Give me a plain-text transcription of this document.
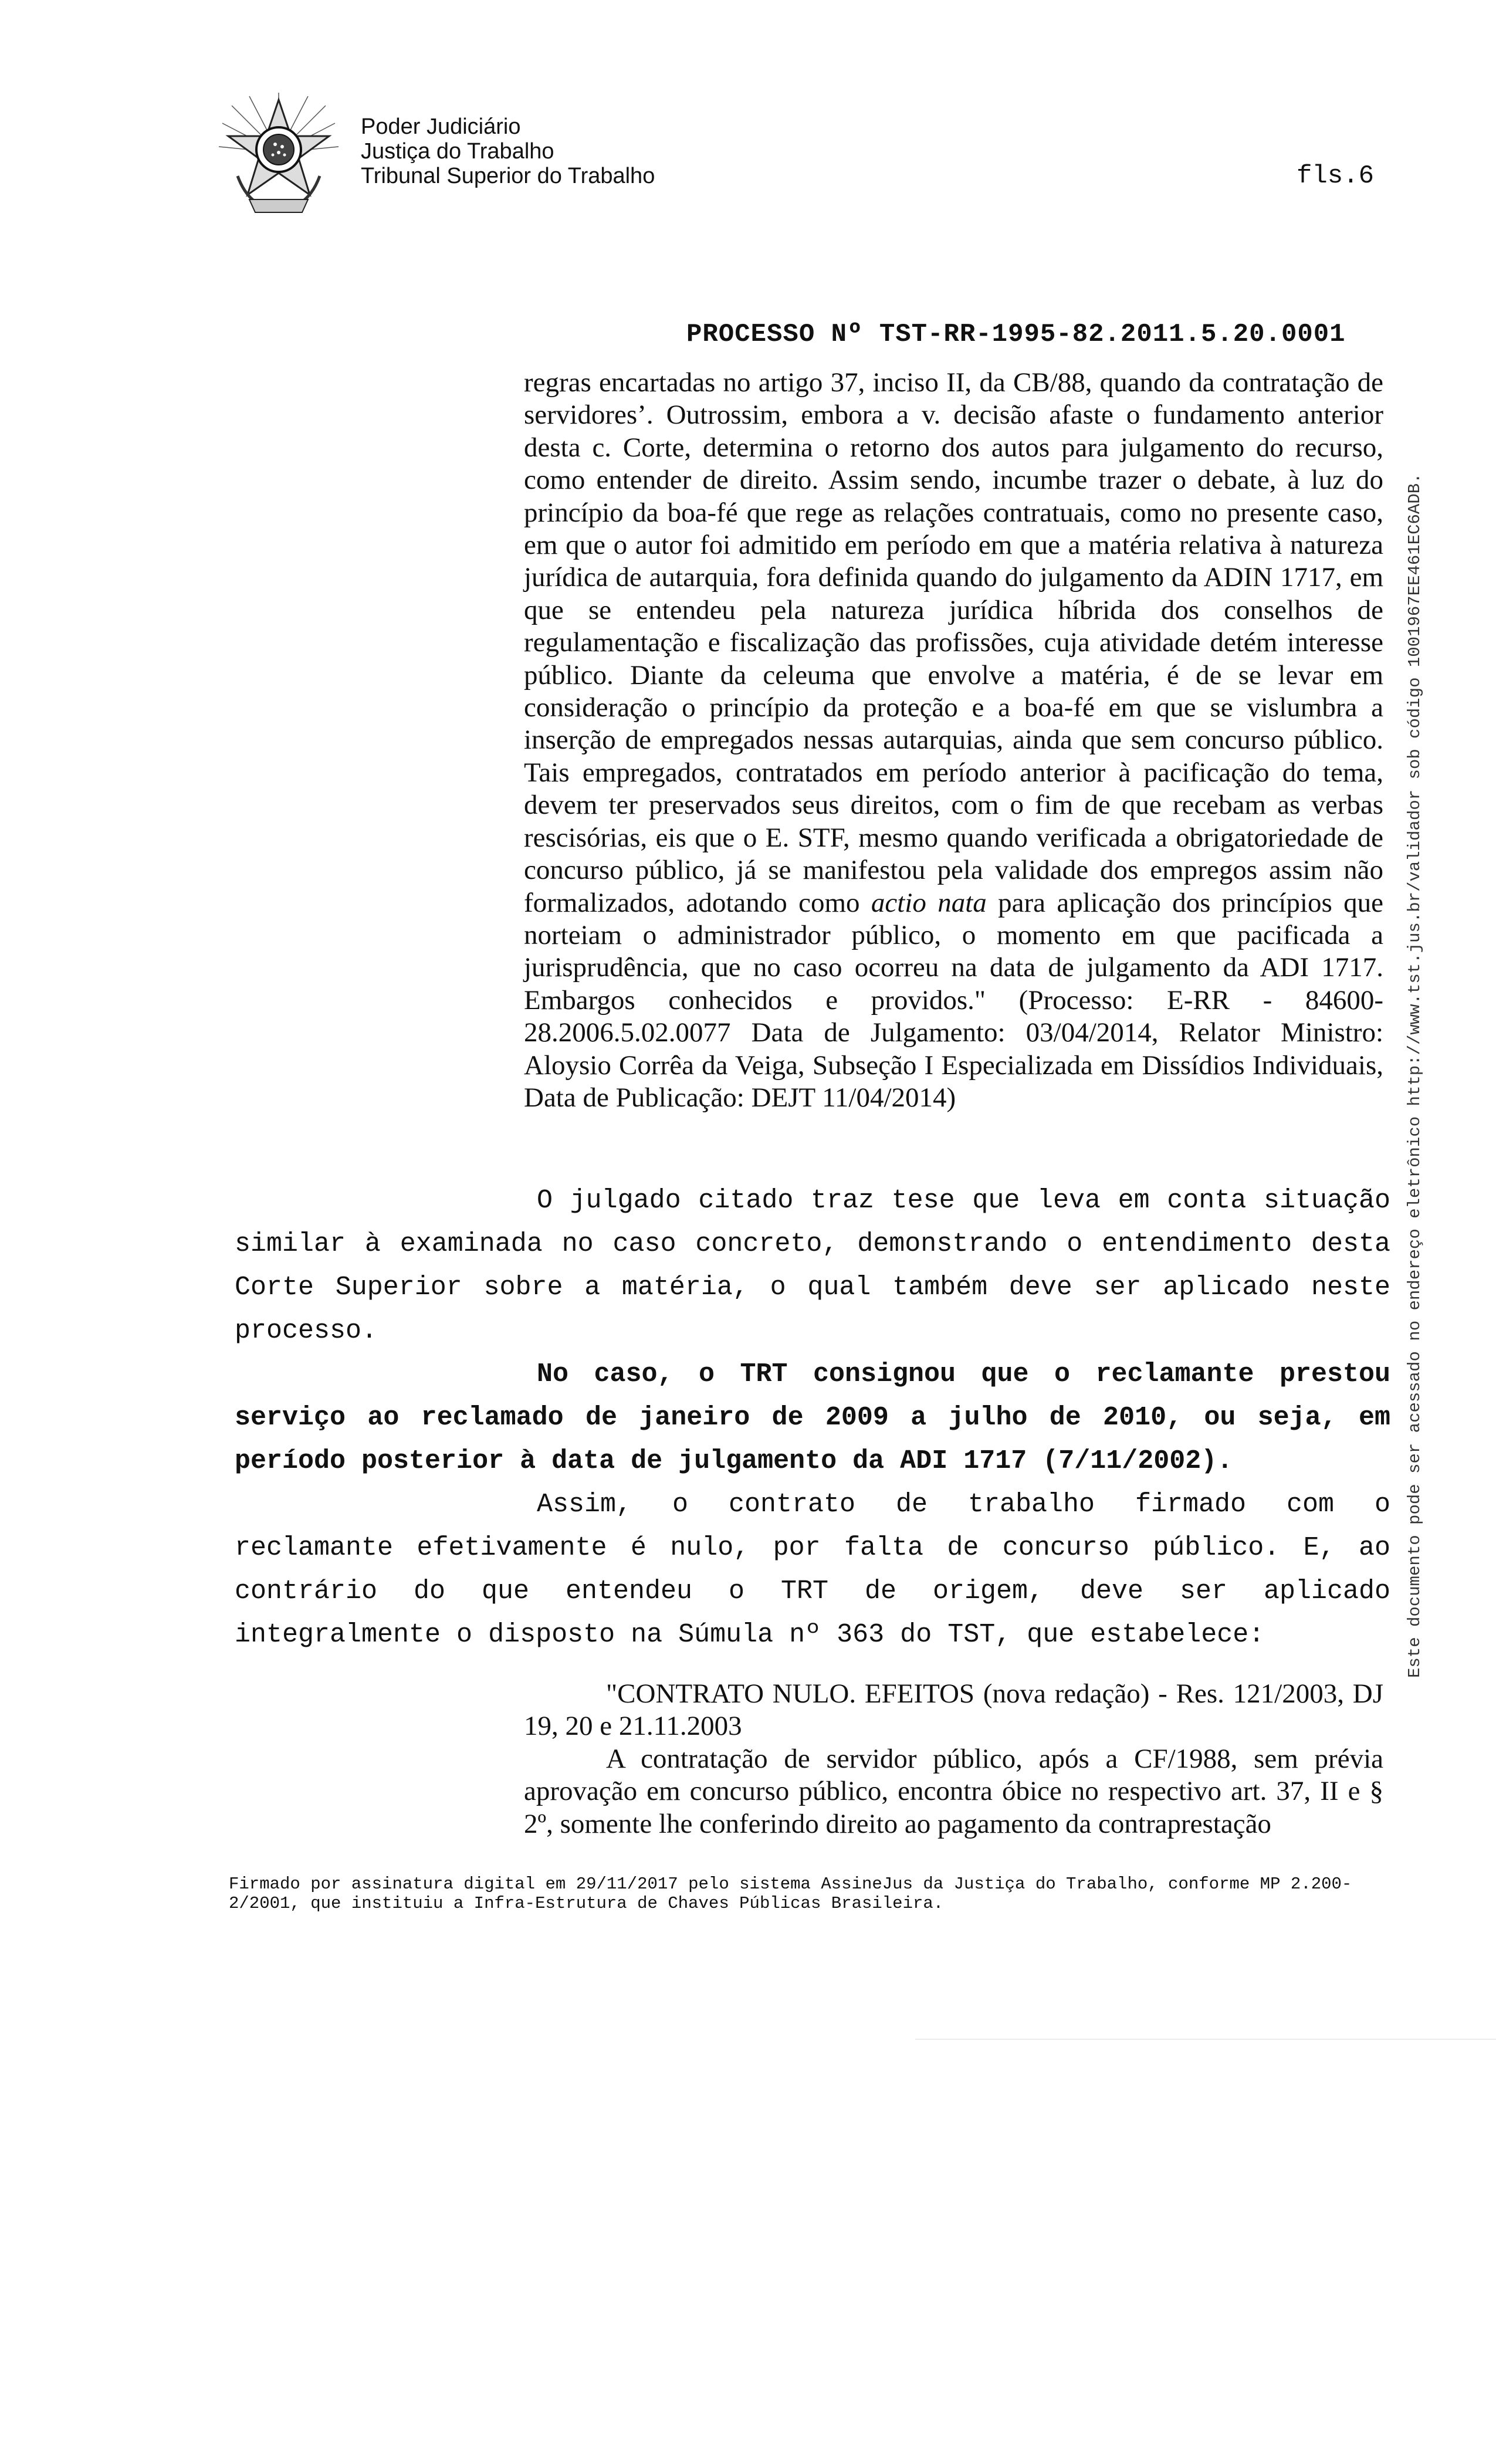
Poder Judiciário
Justiça do Trabalho
Tribunal Superior do Trabalho	fls.6
PROCESSO Nº TST-RR-1995-82.2011.5.20.0001

regras encartadas no artigo 37, inciso II, da CB/88, quando da contratação de servidores’. Outrossim, embora a v. decisão afaste o fundamento anterior desta c. Corte, determina o retorno dos autos para julgamento do recurso, como entender de direito. Assim sendo, incumbe trazer o debate, à luz do princípio da boa-fé que rege as relações contratuais, como no presente caso, em que o autor foi admitido em período em que a matéria relativa à natureza jurídica de autarquia, fora definida quando do julgamento da ADIN 1717, em que se entendeu pela natureza jurídica híbrida dos conselhos de regulamentação e fiscalização das profissões, cuja atividade detém interesse público. Diante da celeuma que envolve a matéria, é de se levar em consideração o princípio da proteção e a boa-fé em que se vislumbra a inserção de empregados nessas autarquias, ainda que sem concurso público. Tais empregados, contratados em período anterior à pacificação do tema, devem ter preservados seus direitos, com o fim de que recebam as verbas rescisórias, eis que o E. STF, mesmo quando verificada a obrigatoriedade de concurso público, já se manifestou pela validade dos empregos assim não formalizados, adotando como actio nata para aplicação dos princípios que norteiam o administrador público, o momento em que pacificada a jurisprudência, que no caso ocorreu na data de julgamento da ADI 1717. Embargos conhecidos e providos." (Processo: E-RR - 84600-28.2006.5.02.0077 Data de Julgamento: 03/04/2014, Relator Ministro: Aloysio Corrêa da Veiga, Subseção I Especializada em Dissídios Individuais, Data de Publicação: DEJT 11/04/2014)

O julgado citado traz tese que leva em conta situação similar à examinada no caso concreto, demonstrando o entendimento desta Corte Superior sobre a matéria, o qual também deve ser aplicado neste processo.

No caso, o TRT consignou que o reclamante prestou serviço ao reclamado de janeiro de 2009 a julho de 2010, ou seja, em período posterior à data de julgamento da ADI 1717 (7/11/2002).

Assim, o contrato de trabalho firmado com o reclamante efetivamente é nulo, por falta de concurso público. E, ao contrário do que entendeu o TRT de origem, deve ser aplicado integralmente o disposto na Súmula nº 363 do TST, que estabelece:

"CONTRATO NULO. EFEITOS (nova redação) - Res. 121/2003, DJ 19, 20 e 21.11.2003

A contratação de servidor público, após a CF/1988, sem prévia aprovação em concurso público, encontra óbice no respectivo art. 37, II e § 2º, somente lhe conferindo direito ao pagamento da contraprestação

Firmado por assinatura digital em 29/11/2017 pelo sistema AssineJus da Justiça do Trabalho, conforme MP 2.200-2/2001, que instituiu a Infra-Estrutura de Chaves Públicas Brasileira.
Este documento pode ser acessado no endereço eletrônico http://www.tst.jus.br/validador sob código 1001967EE461EC6ADB.
